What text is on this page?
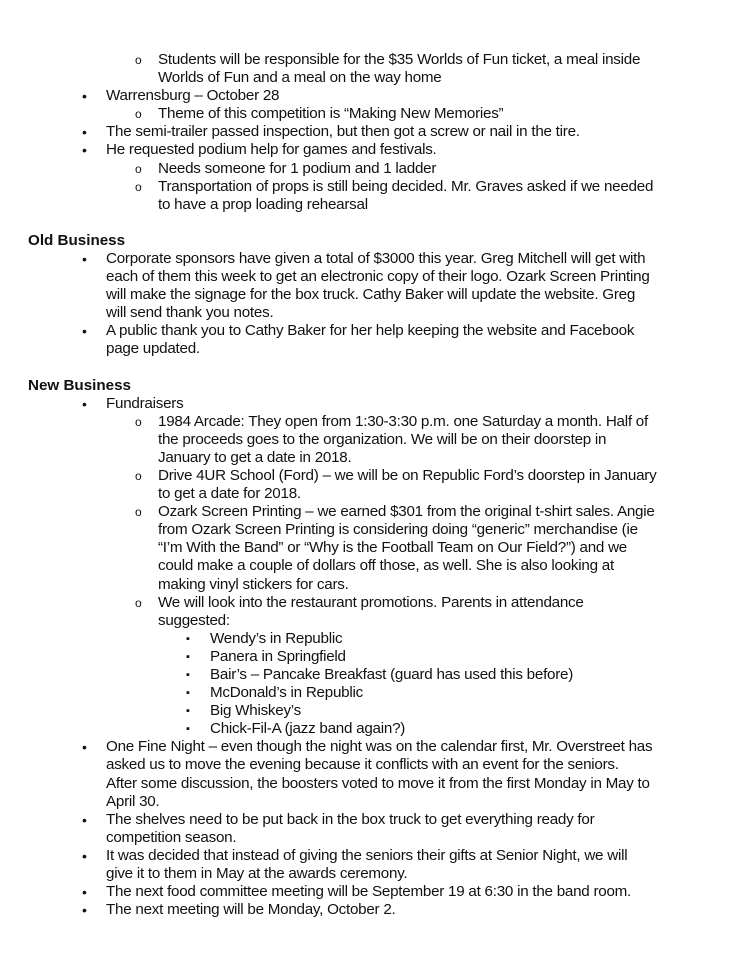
o Students will be responsible for the $35 Worlds of Fun ticket, a meal inside
Worlds of Fun and a meal on the way home
• Warrensburg – October 28
o Theme of this competition is “Making New Memories”
• The semi-trailer passed inspection, but then got a screw or nail in the tire.
• He requested podium help for games and festivals.
o Needs someone for 1 podium and 1 ladder
o Transportation of props is still being decided. Mr. Graves asked if we needed
to have a prop loading rehearsal
Old Business
• Corporate sponsors have given a total of $3000 this year. Greg Mitchell will get with
each of them this week to get an electronic copy of their logo. Ozark Screen Printing
will make the signage for the box truck. Cathy Baker will update the website. Greg
will send thank you notes.
• A public thank you to Cathy Baker for her help keeping the website and Facebook
page updated.
New Business
• Fundraisers
o 1984 Arcade: They open from 1:30-3:30 p.m. one Saturday a month. Half of
the proceeds goes to the organization. We will be on their doorstep in
January to get a date in 2018.
o Drive 4UR School (Ford) – we will be on Republic Ford’s doorstep in January
to get a date for 2018.
o Ozark Screen Printing – we earned $301 from the original t-shirt sales. Angie
from Ozark Screen Printing is considering doing “generic” merchandise (ie
“I’m With the Band” or “Why is the Football Team on Our Field?”) and we
could make a couple of dollars off those, as well. She is also looking at
making vinyl stickers for cars.
o We will look into the restaurant promotions. Parents in attendance
suggested:
▪ Wendy’s in Republic
▪ Panera in Springfield
▪ Bair’s – Pancake Breakfast (guard has used this before)
▪ McDonald’s in Republic
▪ Big Whiskey’s
▪ Chick-Fil-A (jazz band again?)
• One Fine Night – even though the night was on the calendar first, Mr. Overstreet has
asked us to move the evening because it conflicts with an event for the seniors.
After some discussion, the boosters voted to move it from the first Monday in May to
April 30.
• The shelves need to be put back in the box truck to get everything ready for
competition season.
• It was decided that instead of giving the seniors their gifts at Senior Night, we will
give it to them in May at the awards ceremony.
• The next food committee meeting will be September 19 at 6:30 in the band room.
• The next meeting will be Monday, October 2.
